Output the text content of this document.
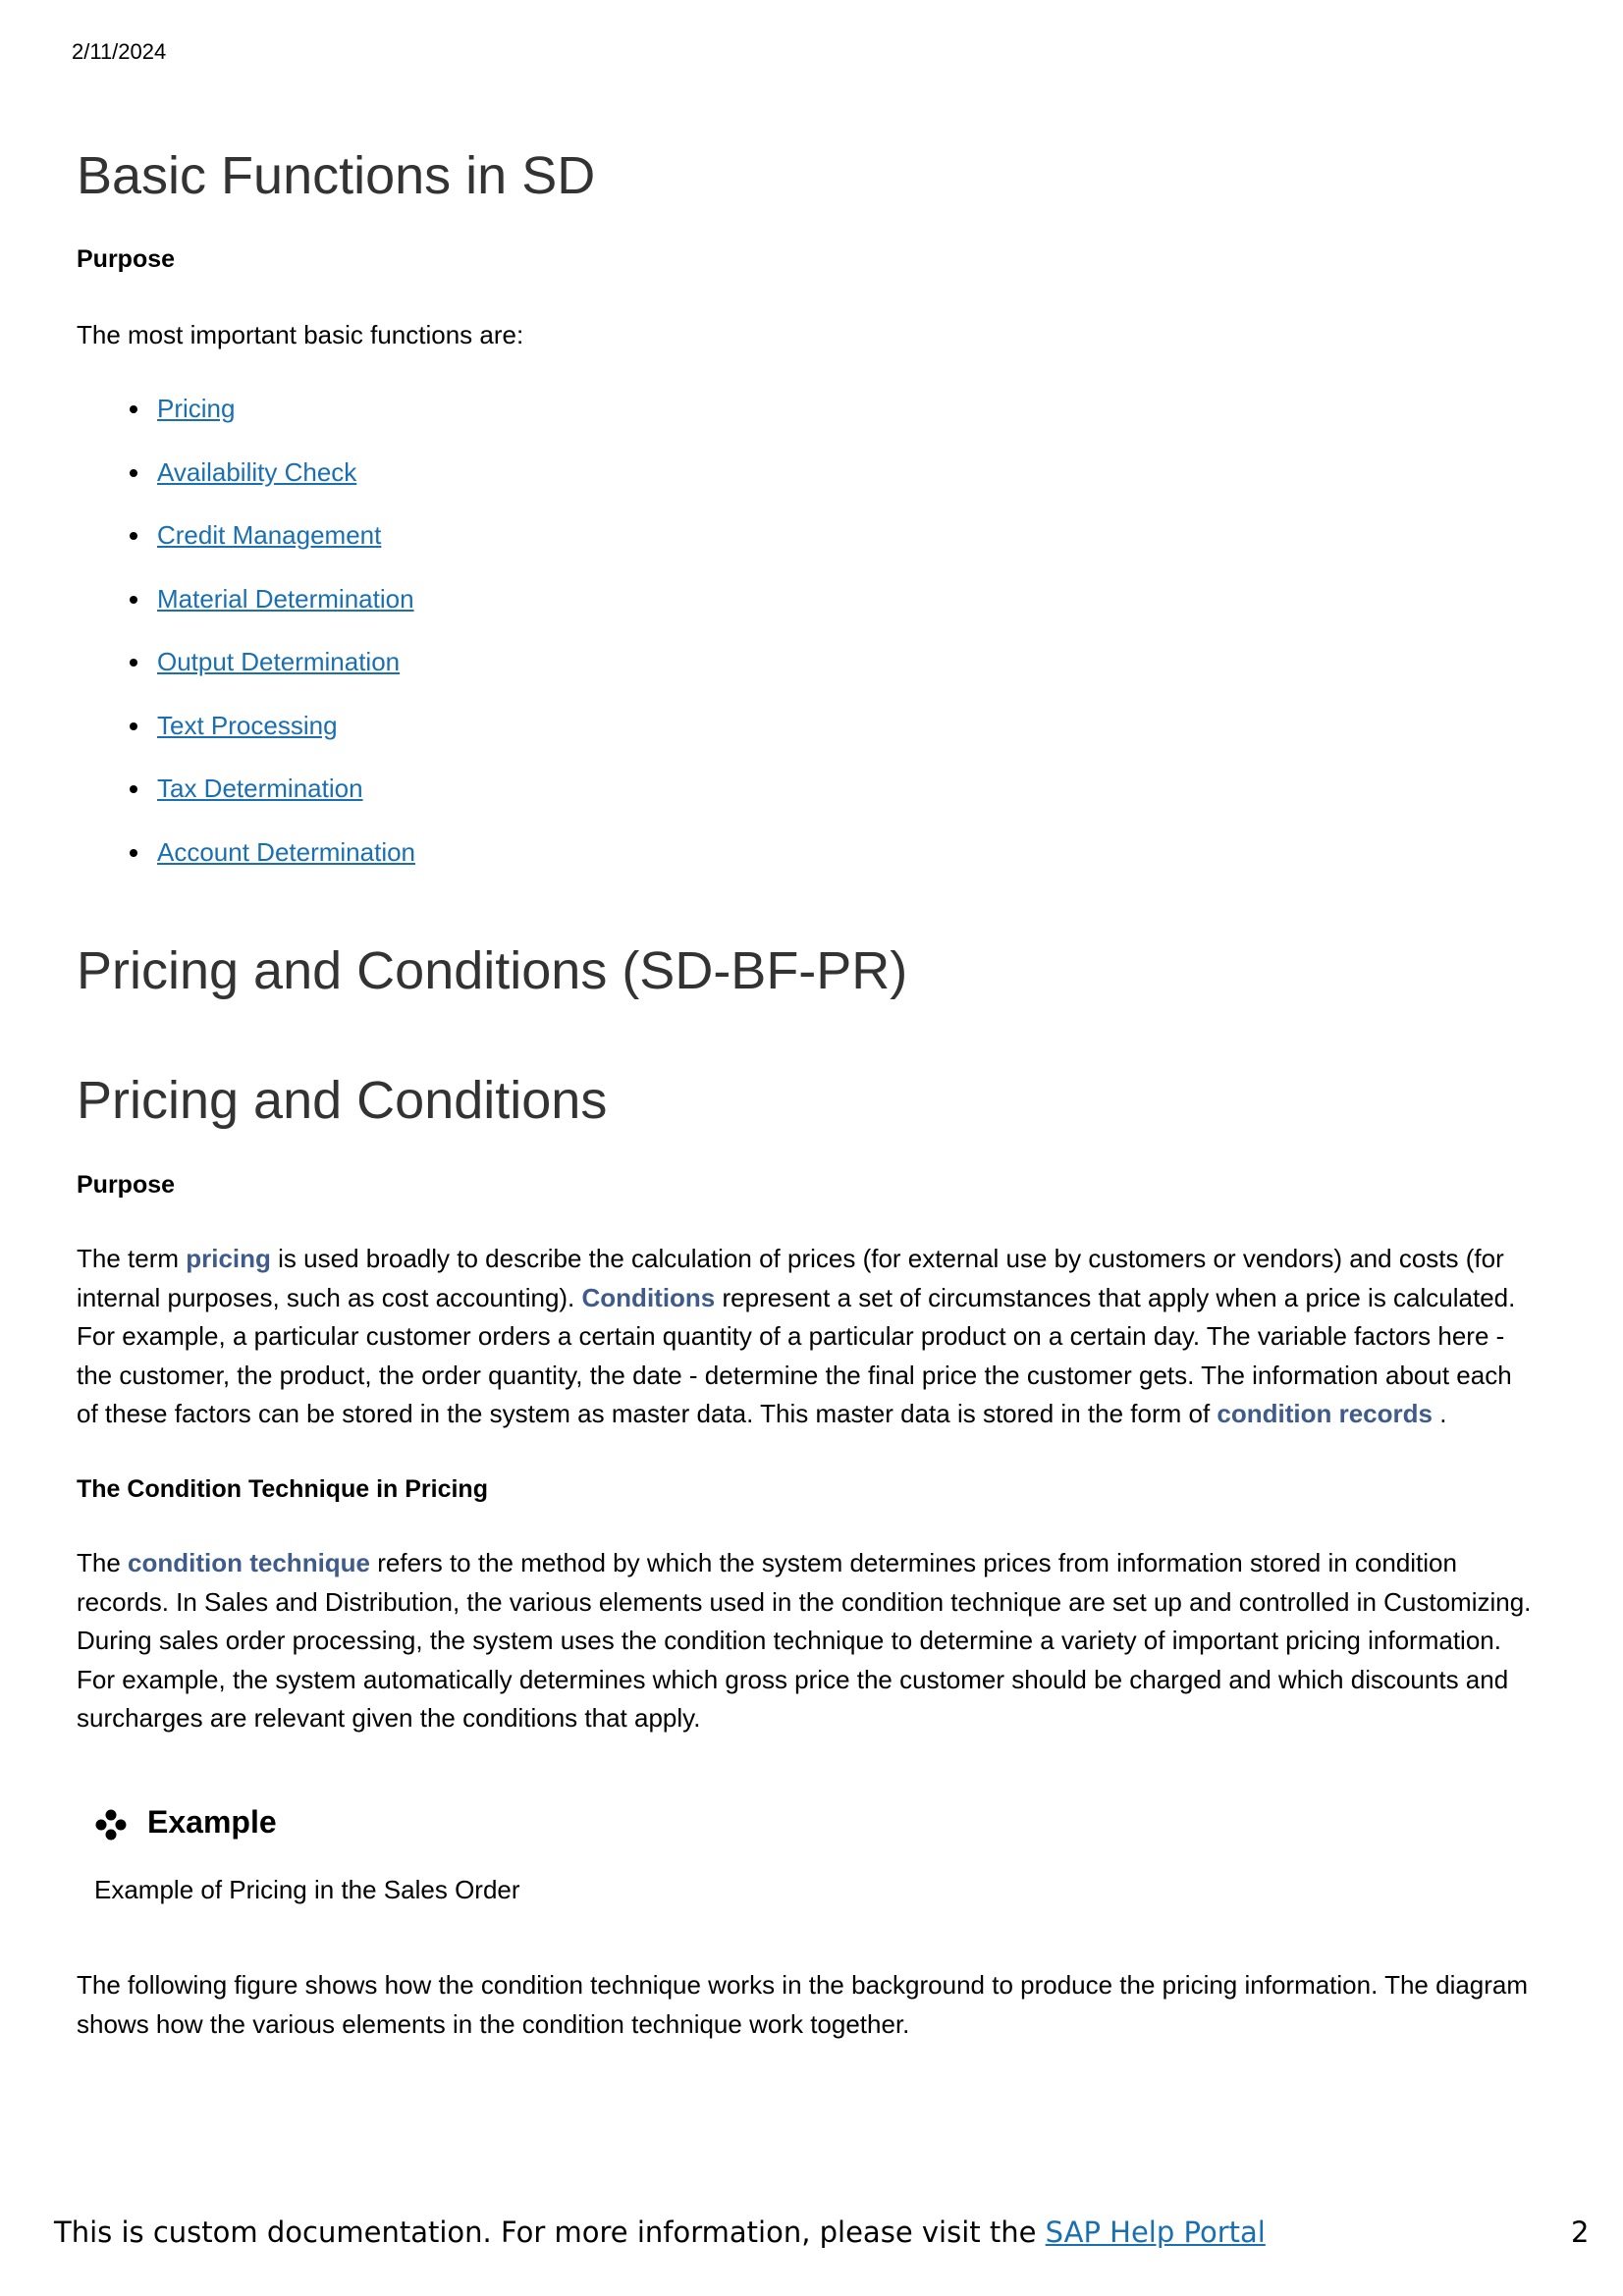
2/11/2024
Basic Functions in SD
Purpose
The most important basic functions are:
Pricing
Availability Check
Credit Management
Material Determination
Output Determination
Text Processing
Tax Determination
Account Determination
Pricing and Conditions (SD-BF-PR)
Pricing and Conditions
Purpose
The term pricing is used broadly to describe the calculation of prices (for external use by customers or vendors) and costs (for internal purposes, such as cost accounting). Conditions represent a set of circumstances that apply when a price is calculated. For example, a particular customer orders a certain quantity of a particular product on a certain day. The variable factors here - the customer, the product, the order quantity, the date - determine the final price the customer gets. The information about each of these factors can be stored in the system as master data. This master data is stored in the form of condition records .
The Condition Technique in Pricing
The condition technique refers to the method by which the system determines prices from information stored in condition records. In Sales and Distribution, the various elements used in the condition technique are set up and controlled in Customizing. During sales order processing, the system uses the condition technique to determine a variety of important pricing information. For example, the system automatically determines which gross price the customer should be charged and which discounts and surcharges are relevant given the conditions that apply.
Example
Example of Pricing in the Sales Order
The following figure shows how the condition technique works in the background to produce the pricing information. The diagram shows how the various elements in the condition technique work together.
This is custom documentation. For more information, please visit the SAP Help Portal	2
